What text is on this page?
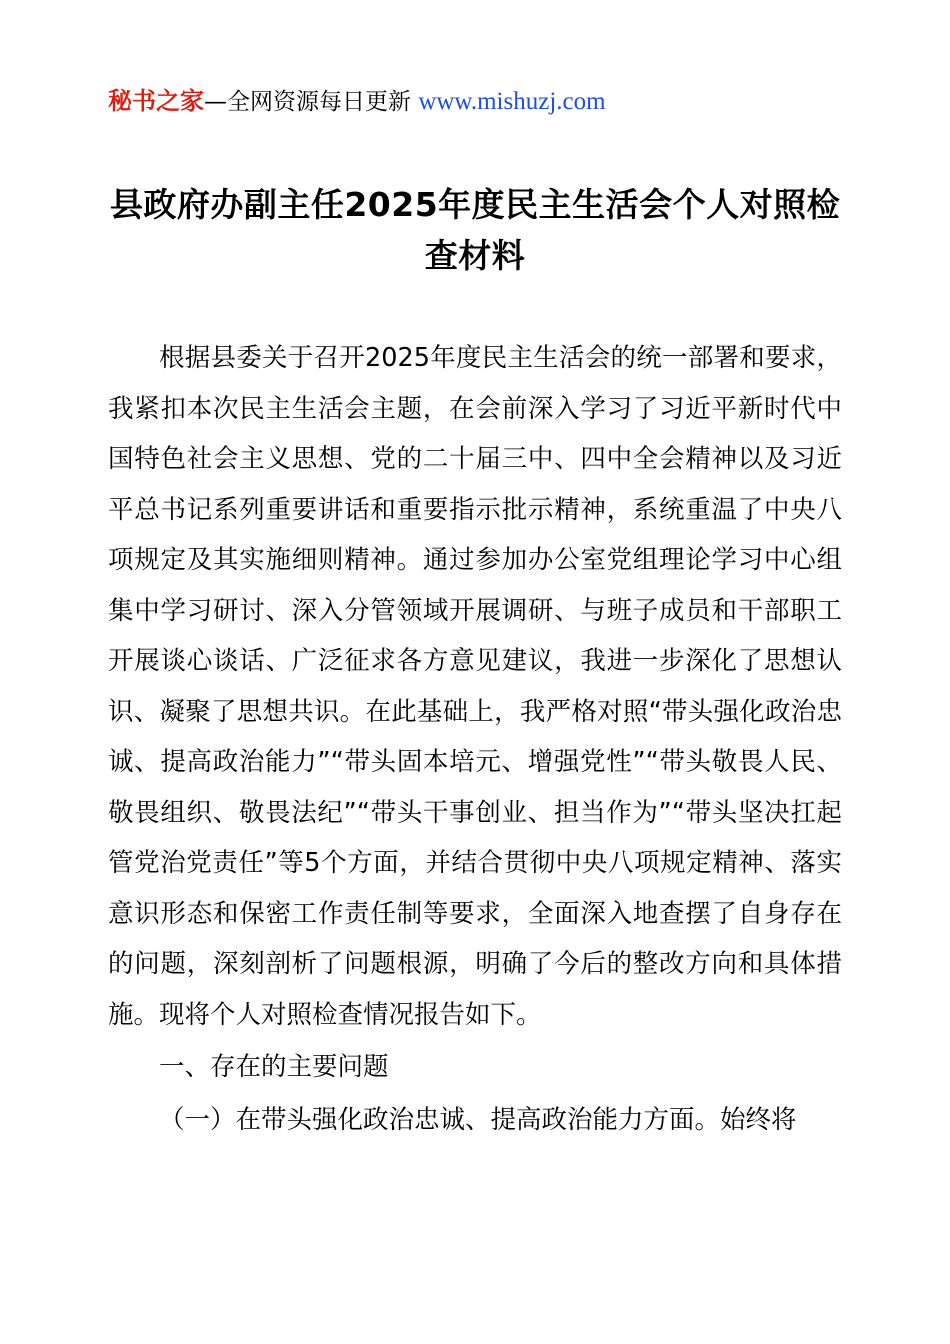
秘书之家—全网资源每日更新 www.mishuzj.com
县政府办副主任2025年度民主生活会个人对照检查材料

根据县委关于召开2025年度民主生活会的统一部署和要求，我紧扣本次民主生活会主题，在会前深入学习了习近平新时代中国特色社会主义思想、党的二十届三中、四中全会精神以及习近平总书记系列重要讲话和重要指示批示精神，系统重温了中央八项规定及其实施细则精神。通过参加办公室党组理论学习中心组集中学习研讨、深入分管领域开展调研、与班子成员和干部职工开展谈心谈话、广泛征求各方意见建议，我进一步深化了思想认识、凝聚了思想共识。在此基础上，我严格对照“带头强化政治忠诚、提高政治能力”“带头固本培元、增强党性”“带头敬畏人民、敬畏组织、敬畏法纪”“带头干事创业、担当作为”“带头坚决扛起管党治党责任”等5个方面，并结合贯彻中央八项规定精神、落实意识形态和保密工作责任制等要求，全面深入地查摆了自身存在的问题，深刻剖析了问题根源，明确了今后的整改方向和具体措施。现将个人对照检查情况报告如下。

一、存在的主要问题

（一）在带头强化政治忠诚、提高政治能力方面。始终将
